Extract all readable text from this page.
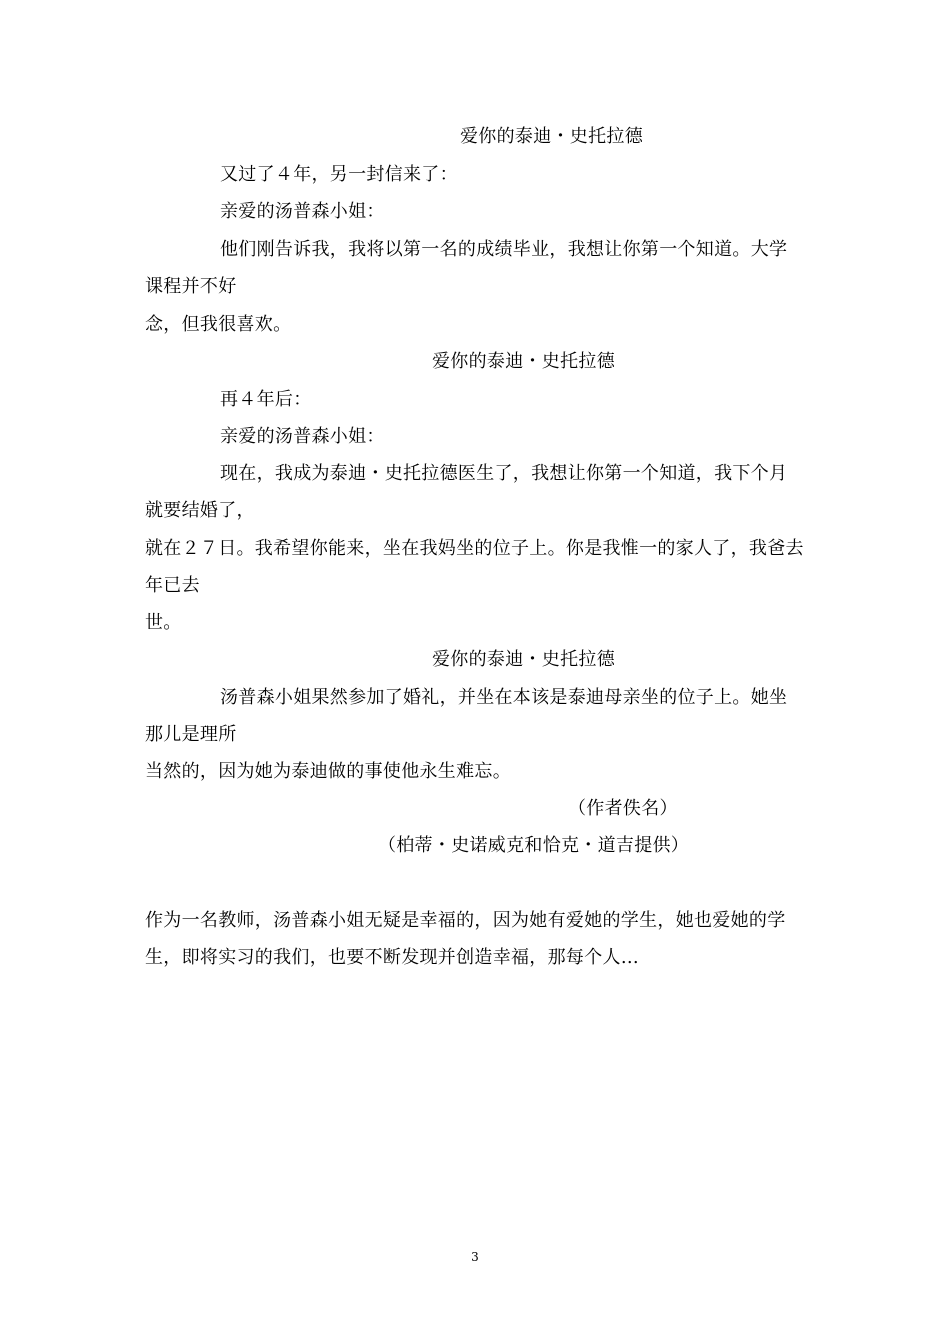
爱你的泰迪・史托拉德
又过了４年，另一封信来了：
亲爱的汤普森小姐：
他们刚告诉我，我将以第一名的成绩毕业，我想让你第一个知道。大学
课程并不好
念，但我很喜欢。
爱你的泰迪・史托拉德
再４年后：
亲爱的汤普森小姐：
现在，我成为泰迪・史托拉德医生了，我想让你第一个知道，我下个月
就要结婚了，
就在２７日。我希望你能来，坐在我妈坐的位子上。你是我惟一的家人了，我爸去
年已去
世。
爱你的泰迪・史托拉德
汤普森小姐果然参加了婚礼，并坐在本该是泰迪母亲坐的位子上。她坐
那儿是理所
当然的，因为她为泰迪做的事使他永生难忘。
（作者佚名）
（柏蒂・史诺威克和恰克・道吉提供）
作为一名教师，汤普森小姐无疑是幸福的，因为她有爱她的学生，她也爱她的学
生，即将实习的我们，也要不断发现并创造幸福，那每个人…
3
